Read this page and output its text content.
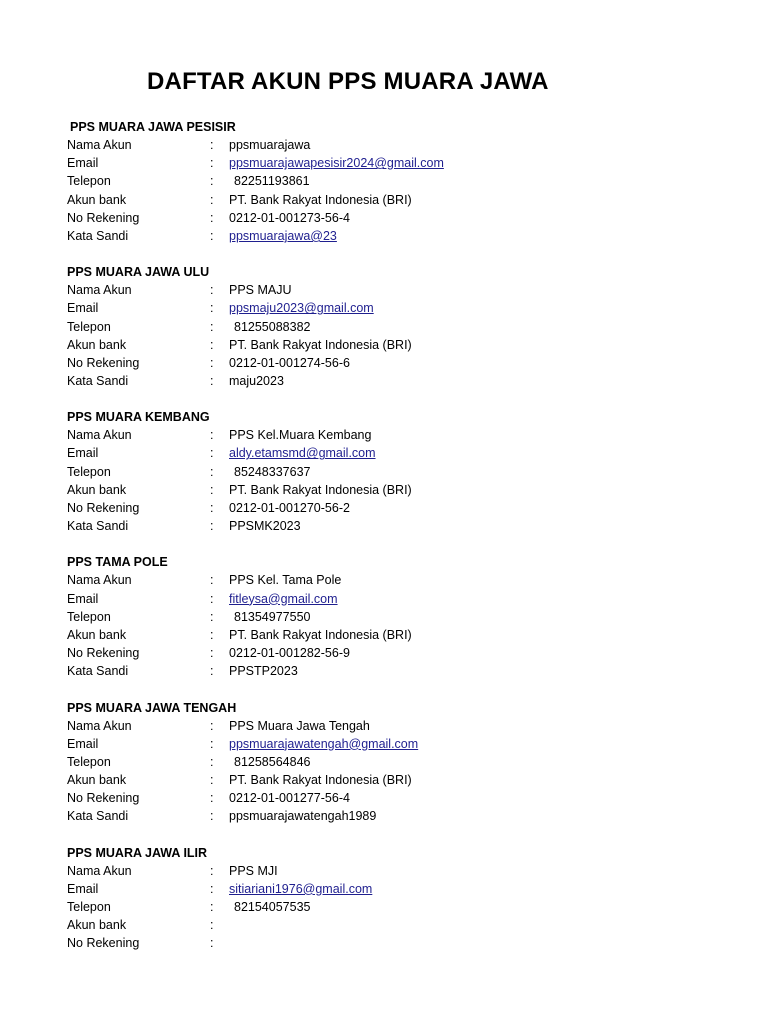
DAFTAR AKUN PPS MUARA JAWA
PPS MUARA JAWA PESISIR
Nama Akun	:	ppsmuarajawa
Email	:	ppsmuarajawapesisir2024@gmail.com
Telepon	:	82251193861
Akun bank	:	PT. Bank Rakyat Indonesia (BRI)
No Rekening	:	0212-01-001273-56-4
Kata Sandi	:	ppsmuarajawa@23
PPS MUARA JAWA ULU
Nama Akun	:	PPS MAJU
Email	:	ppsmaju2023@gmail.com
Telepon	:	81255088382
Akun bank	:	PT. Bank Rakyat Indonesia (BRI)
No Rekening	:	0212-01-001274-56-6
Kata Sandi	:	maju2023
PPS MUARA KEMBANG
Nama Akun	:	PPS Kel.Muara Kembang
Email	:	aldy.etamsmd@gmail.com
Telepon	:	85248337637
Akun bank	:	PT. Bank Rakyat Indonesia (BRI)
No Rekening	:	0212-01-001270-56-2
Kata Sandi	:	PPSMK2023
PPS TAMA POLE
Nama Akun	:	PPS Kel. Tama Pole
Email	:	fitleysa@gmail.com
Telepon	:	81354977550
Akun bank	:	PT. Bank Rakyat Indonesia (BRI)
No Rekening	:	0212-01-001282-56-9
Kata Sandi	:	PPSTP2023
PPS MUARA JAWA TENGAH
Nama Akun	:	PPS Muara Jawa Tengah
Email	:	ppsmuarajawatengah@gmail.com
Telepon	:	81258564846
Akun bank	:	PT. Bank Rakyat Indonesia (BRI)
No Rekening	:	0212-01-001277-56-4
Kata Sandi	:	ppsmuarajawatengah1989
PPS MUARA JAWA ILIR
Nama Akun	:	PPS MJI
Email	:	sitiariani1976@gmail.com
Telepon	:	82154057535
Akun bank	:
No Rekening	:
